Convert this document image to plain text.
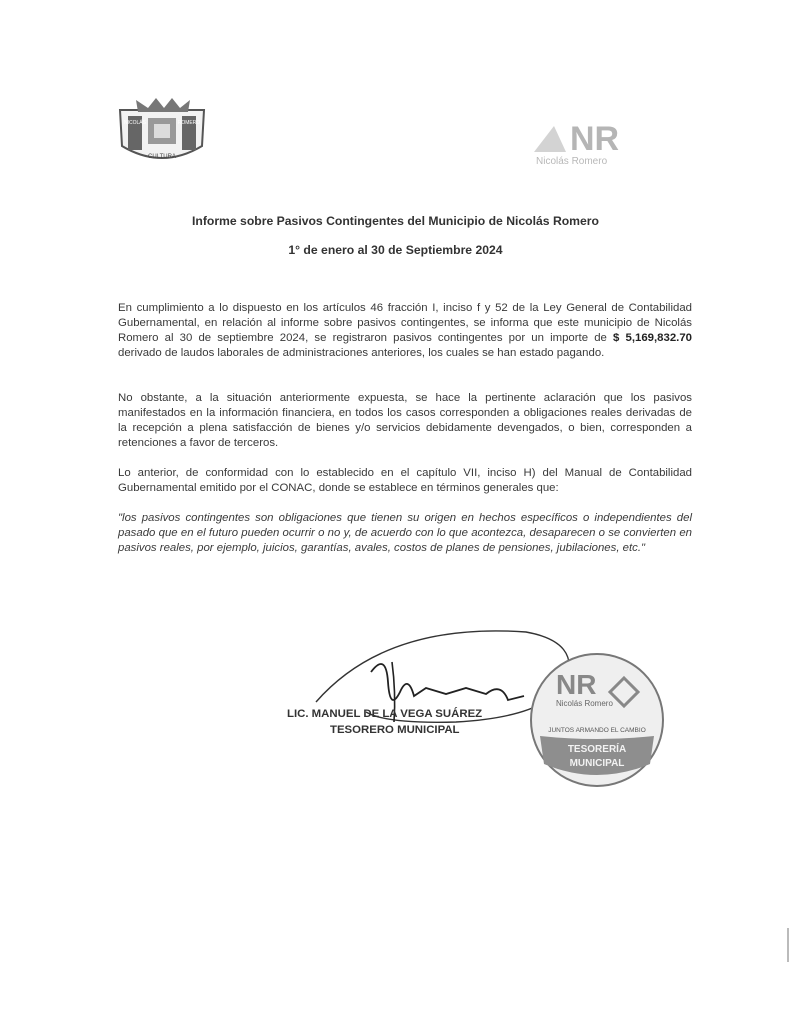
NICOLÁS	ROMERO
CULTURA	NR
Nicolás Romero
Informe sobre Pasivos Contingentes del Municipio de Nicolás Romero
1° de enero al 30 de Septiembre 2024

En cumplimiento a lo dispuesto en los artículos 46 fracción I, inciso f y 52 de la Ley General de Contabilidad Gubernamental, en relación al informe sobre pasivos contingentes, se informa que este municipio de Nicolás Romero al 30 de septiembre 2024, se registraron pasivos contingentes por un importe de $ 5,169,832.70 derivado de laudos laborales de administraciones anteriores, los cuales se han estado pagando.

No obstante, a la situación anteriormente expuesta, se hace la pertinente aclaración que los pasivos manifestados en la información financiera, en todos los casos corresponden a obligaciones reales derivadas de la recepción a plena satisfacción de bienes y/o servicios debidamente devengados, o bien, corresponden a retenciones a favor de terceros.

Lo anterior, de conformidad con lo establecido en el capítulo VII, inciso H) del Manual de Contabilidad Gubernamental emitido por el CONAC, donde se establece en términos generales que:

"los pasivos contingentes son obligaciones que tienen su origen en hechos específicos o independientes del pasado que en el futuro pueden ocurrir o no y, de acuerdo con lo que acontezca, desaparecen o se convierten en pasivos reales, por ejemplo, juicios, garantías, avales, costos de planes de pensiones, jubilaciones, etc."

LIC. MANUEL DE LA VEGA SUÁREZ
TESORERO MUNICIPAL
NR
Nicolás Romero
JUNTOS ARMANDO EL CAMBIO
TESORERÍA
MUNICIPAL
